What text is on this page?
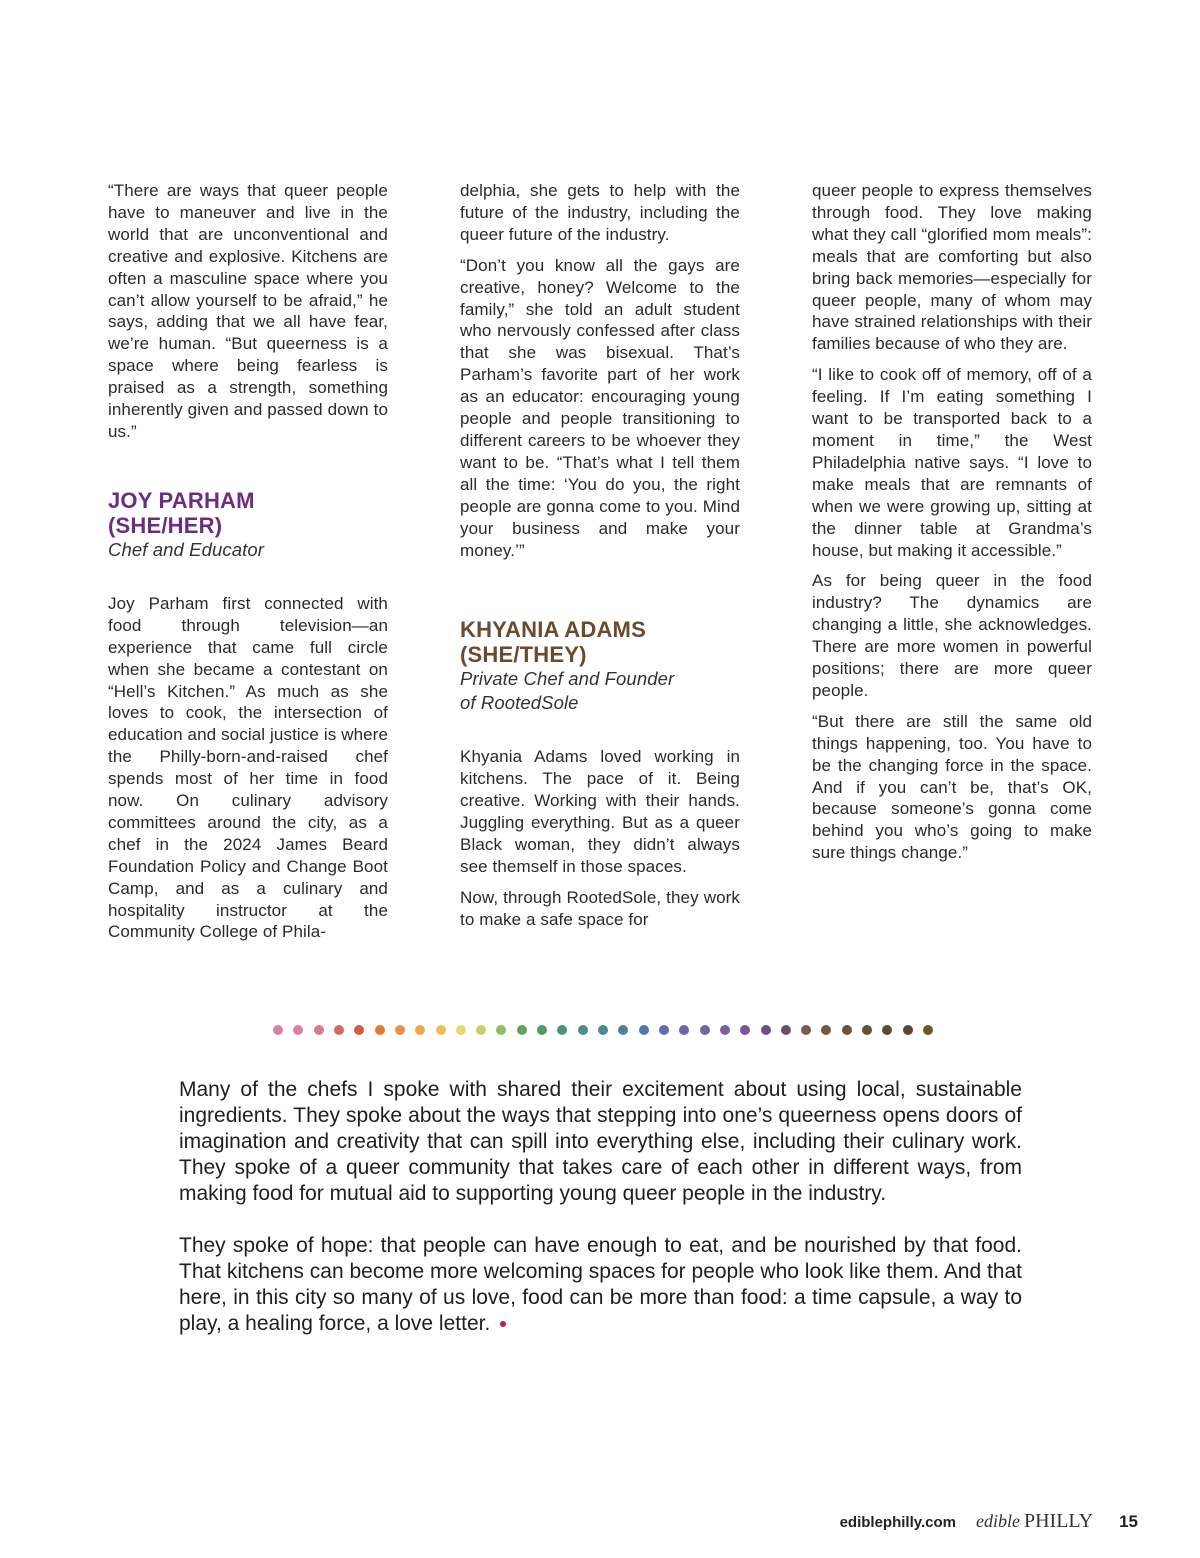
“There are ways that queer people have to maneuver and live in the world that are unconventional and creative and explosive. Kitchens are often a masculine space where you can’t allow yourself to be afraid,” he says, adding that we all have fear, we’re human. “But queerness is a space where being fearless is praised as a strength, something inherently given and passed down to us.”

JOY PARHAM (SHE/HER)

Chef and Educator

Joy Parham first connected with food through television—an experience that came full circle when she became a contestant on “Hell’s Kitchen.” As much as she loves to cook, the intersection of education and social justice is where the Philly-born-and-raised chef spends most of her time in food now. On culinary advisory committees around the city, as a chef in the 2024 James Beard Foundation Policy and Change Boot Camp, and as a culinary and hospitality instructor at the Community College of Phila-

delphia, she gets to help with the future of the industry, including the queer future of the industry.

“Don’t you know all the gays are creative, honey? Welcome to the family,” she told an adult student who nervously confessed after class that she was bisexual. That’s Parham’s favorite part of her work as an educator: encouraging young people and people transitioning to different careers to be whoever they want to be. “That’s what I tell them all the time: ‘You do you, the right people are gonna come to you. Mind your business and make your money.’”

KHYANIA ADAMS (SHE/THEY)

Private Chef and Founder of RootedSole

Khyania Adams loved working in kitchens. The pace of it. Being creative. Working with their hands. Juggling everything. But as a queer Black woman, they didn’t always see themself in those spaces.

Now, through RootedSole, they work to make a safe space for

queer people to express themselves through food. They love making what they call “glorified mom meals”: meals that are comforting but also bring back memories—especially for queer people, many of whom may have strained relationships with their families because of who they are.

“I like to cook off of memory, off of a feeling. If I’m eating something I want to be transported back to a moment in time,” the West Philadelphia native says. “I love to make meals that are remnants of when we were growing up, sitting at the dinner table at Grandma’s house, but making it accessible.”

As for being queer in the food industry? The dynamics are changing a little, she acknowledges. There are more women in powerful positions; there are more queer people.

“But there are still the same old things happening, too. You have to be the changing force in the space. And if you can’t be, that’s OK, because someone’s gonna come behind you who’s going to make sure things change.”

Many of the chefs I spoke with shared their excitement about using local, sustainable ingredients. They spoke about the ways that stepping into one’s queerness opens doors of imagination and creativity that can spill into everything else, including their culinary work. They spoke of a queer community that takes care of each other in different ways, from making food for mutual aid to supporting young queer people in the industry.

They spoke of hope: that people can have enough to eat, and be nourished by that food. That kitchens can become more welcoming spaces for people who look like them. And that here, in this city so many of us love, food can be more than food: a time capsule, a way to play, a healing force, a love letter.

ediblephilly.com edible PHILLY 15
